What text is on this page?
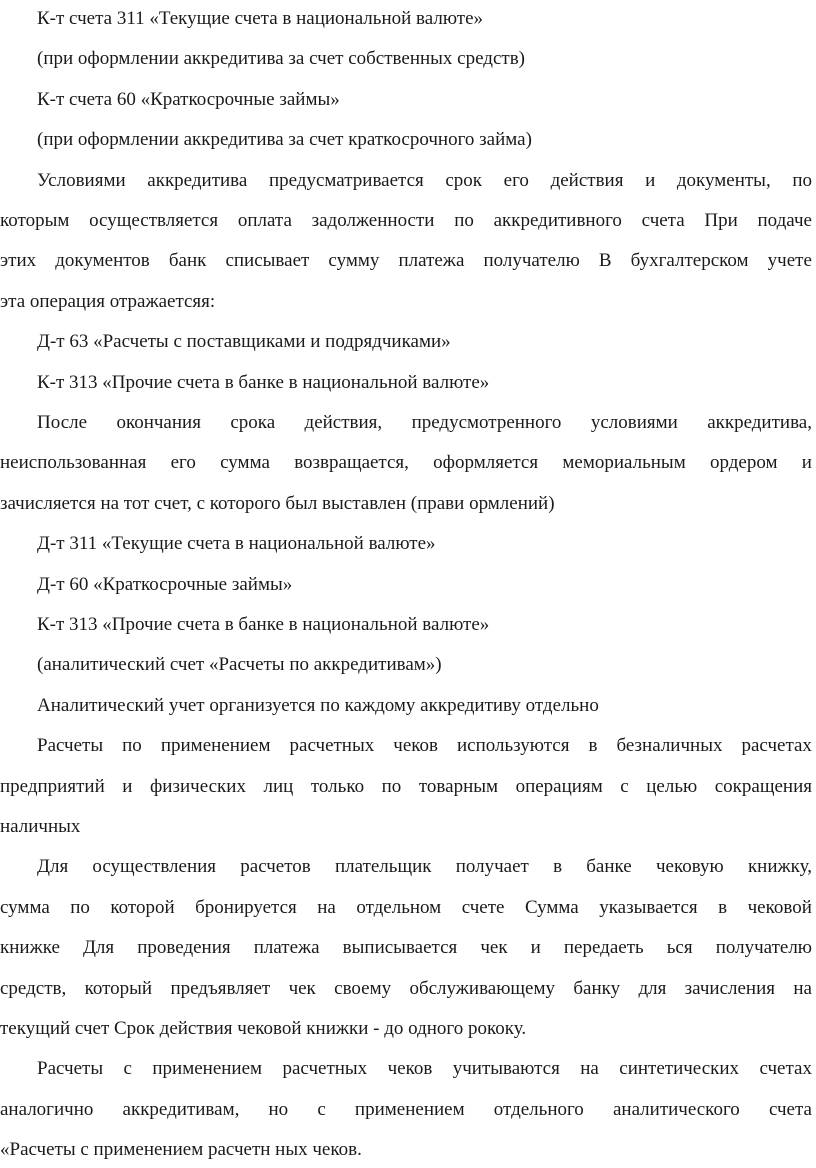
К-т счета 311 «Текущие счета в национальной валюте»
(при оформлении аккредитива за счет собственных средств)
К-т счета 60 «Краткосрочные займы»
(при оформлении аккредитива за счет краткосрочного займа)
Условиями аккредитива предусматривается срок его действия и документы, по
которым осуществляется оплата задолженности по аккредитивного счета При подаче
этих документов банк списывает сумму платежа получателю В бухгалтерском учете
эта операция отражаетсяя:
Д-т 63 «Расчеты с поставщиками и подрядчиками»
К-т 313 «Прочие счета в банке в национальной валюте»
После окончания срока действия, предусмотренного условиями аккредитива,
неиспользованная его сумма возвращается, оформляется мемориальным ордером и
зачисляется на тот счет, с которого был выставлен (прави ормлений)
Д-т 311 «Текущие счета в национальной валюте»
Д-т 60 «Краткосрочные займы»
К-т 313 «Прочие счета в банке в национальной валюте»
(аналитический счет «Расчеты по аккредитивам»)
Аналитический учет организуется по каждому аккредитиву отдельно
Расчеты по применением расчетных чеков используются в безналичных расчетах
предприятий и физических лиц только по товарным операциям с целью сокращения
наличных
Для осуществления расчетов плательщик получает в банке чековую книжку,
сумма по которой бронируется на отдельном счете Сумма указывается в чековой
книжке Для проведения платежа выписывается чек и передаеть ься получателю
средств, который предъявляет чек своему обслуживающему банку для зачисления на
текущий счет Срок действия чековой книжки - до одного рококу.
Расчеты с применением расчетных чеков учитываются на синтетических счетах
аналогично аккредитивам, но с применением отдельного аналитического счета
«Расчеты с применением расчетн ных чеков.
